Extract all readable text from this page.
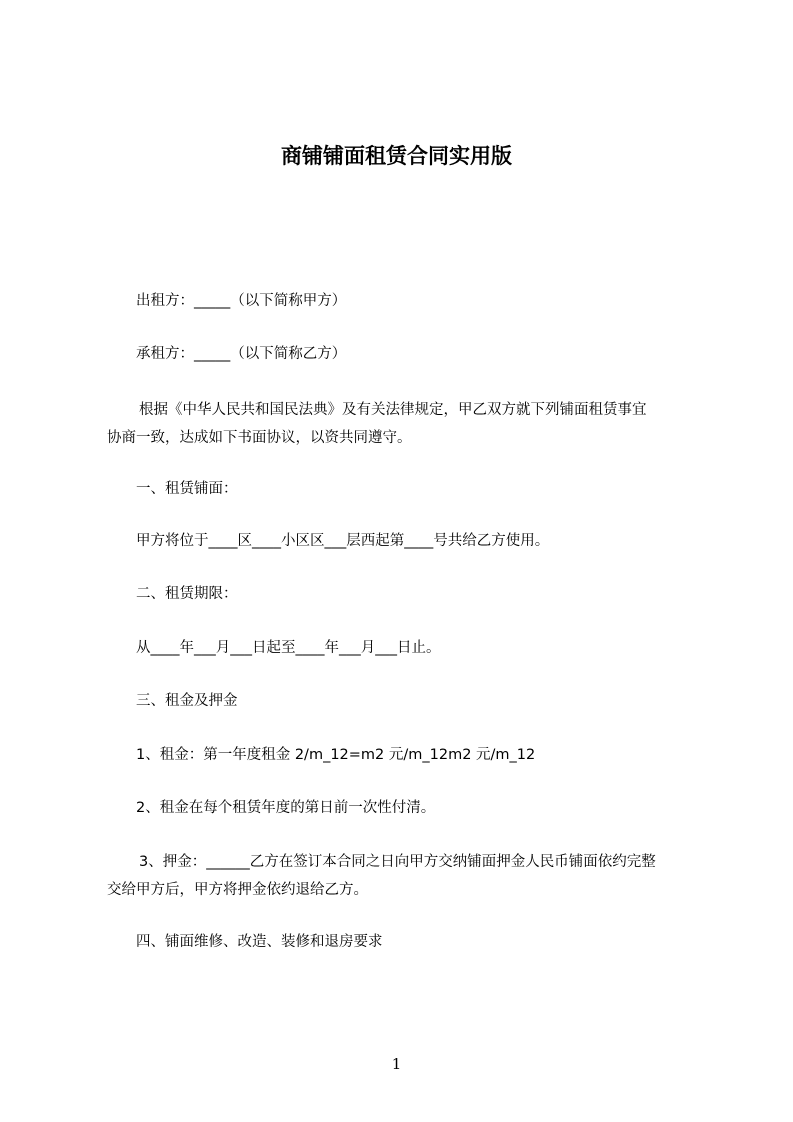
商铺铺面租赁合同实用版

出租方：_____（以下简称甲方）

承租方：_____（以下简称乙方）

根据《中华人民共和国民法典》及有关法律规定，甲乙双方就下列铺面租赁事宜
协商一致，达成如下书面协议，以资共同遵守。

一、租赁铺面：

甲方将位于____区____小区区___层西起第____号共给乙方使用。

二、租赁期限：

从____年___月___日起至____年___月___日止。

三、租金及押金

1、租金：第一年度租金 2/m_12=m2 元/m_12m2 元/m_12

2、租金在每个租赁年度的第日前一次性付清。

3、押金：______乙方在签订本合同之日向甲方交纳铺面押金人民币铺面依约完整
交给甲方后，甲方将押金依约退给乙方。

四、铺面维修、改造、装修和退房要求

1
